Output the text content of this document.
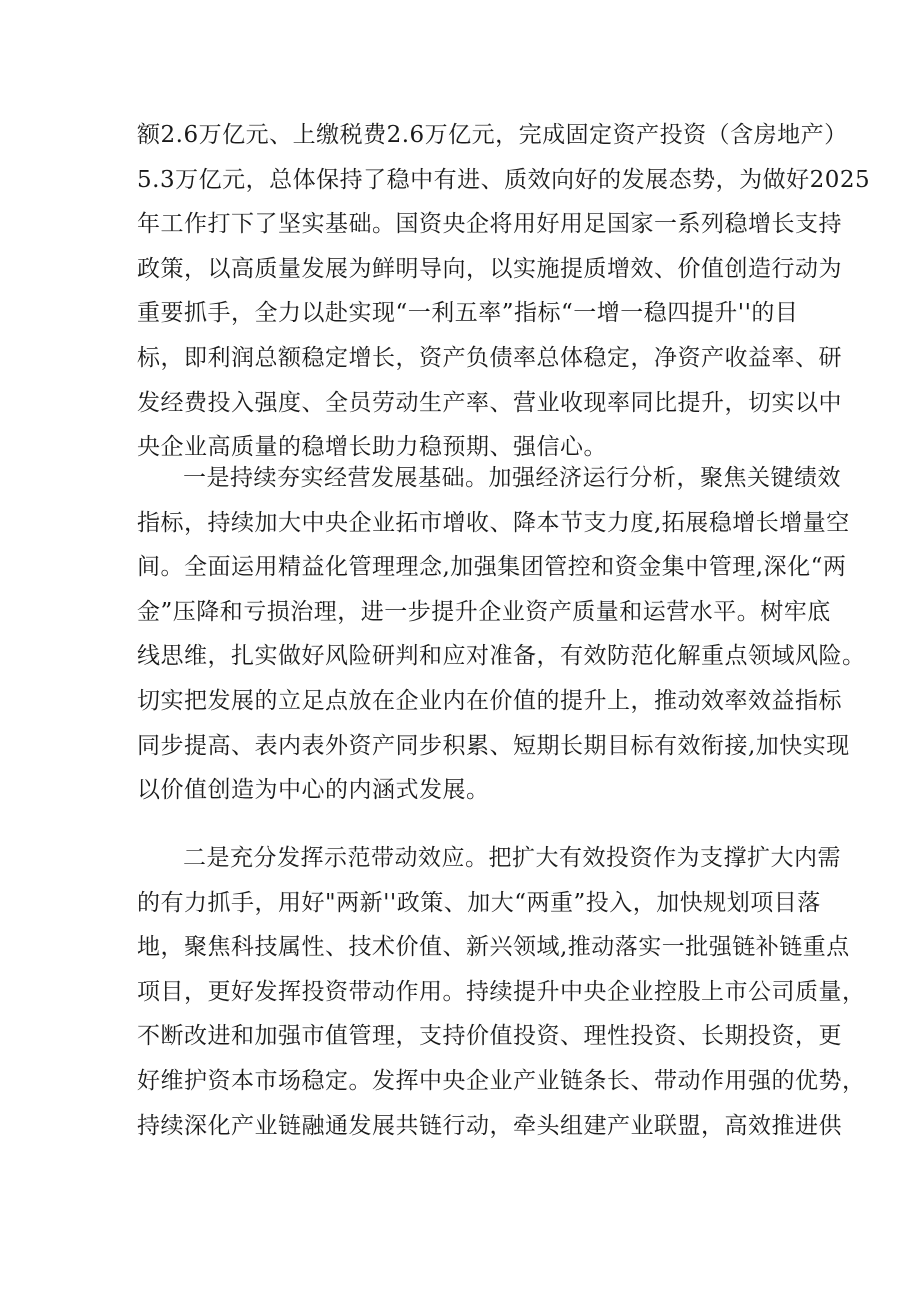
额2.6万亿元、上缴税费2.6万亿元，完成固定资产投资（含房地产）
5.3万亿元，总体保持了稳中有进、质效向好的发展态势，为做好2025
年工作打下了坚实基础。国资央企将用好用足国家一系列稳增长支持
政策，以高质量发展为鲜明导向，以实施提质增效、价值创造行动为
重要抓手，全力以赴实现“一利五率”指标“一增一稳四提升''的目
标，即利润总额稳定增长，资产负债率总体稳定，净资产收益率、研
发经费投入强度、全员劳动生产率、营业收现率同比提升，切实以中
央企业高质量的稳增长助力稳预期、强信心。
一是持续夯实经营发展基础。加强经济运行分析，聚焦关键绩效
指标，持续加大中央企业拓市增收、降本节支力度,拓展稳增长增量空
间。全面运用精益化管理理念,加强集团管控和资金集中管理,深化“两
金”压降和亏损治理，进一步提升企业资产质量和运营水平。树牢底
线思维，扎实做好风险研判和应对准备，有效防范化解重点领域风险。
切实把发展的立足点放在企业内在价值的提升上，推动效率效益指标
同步提高、表内表外资产同步积累、短期长期目标有效衔接,加快实现
以价值创造为中心的内涵式发展。
二是充分发挥示范带动效应。把扩大有效投资作为支撑扩大内需
的有力抓手，用好"两新''政策、加大“两重”投入，加快规划项目落
地，聚焦科技属性、技术价值、新兴领域,推动落实一批强链补链重点
项目，更好发挥投资带动作用。持续提升中央企业控股上市公司质量，
不断改进和加强市值管理，支持价值投资、理性投资、长期投资，更
好维护资本市场稳定。发挥中央企业产业链条长、带动作用强的优势，
持续深化产业链融通发展共链行动，牵头组建产业联盟，高效推进供
